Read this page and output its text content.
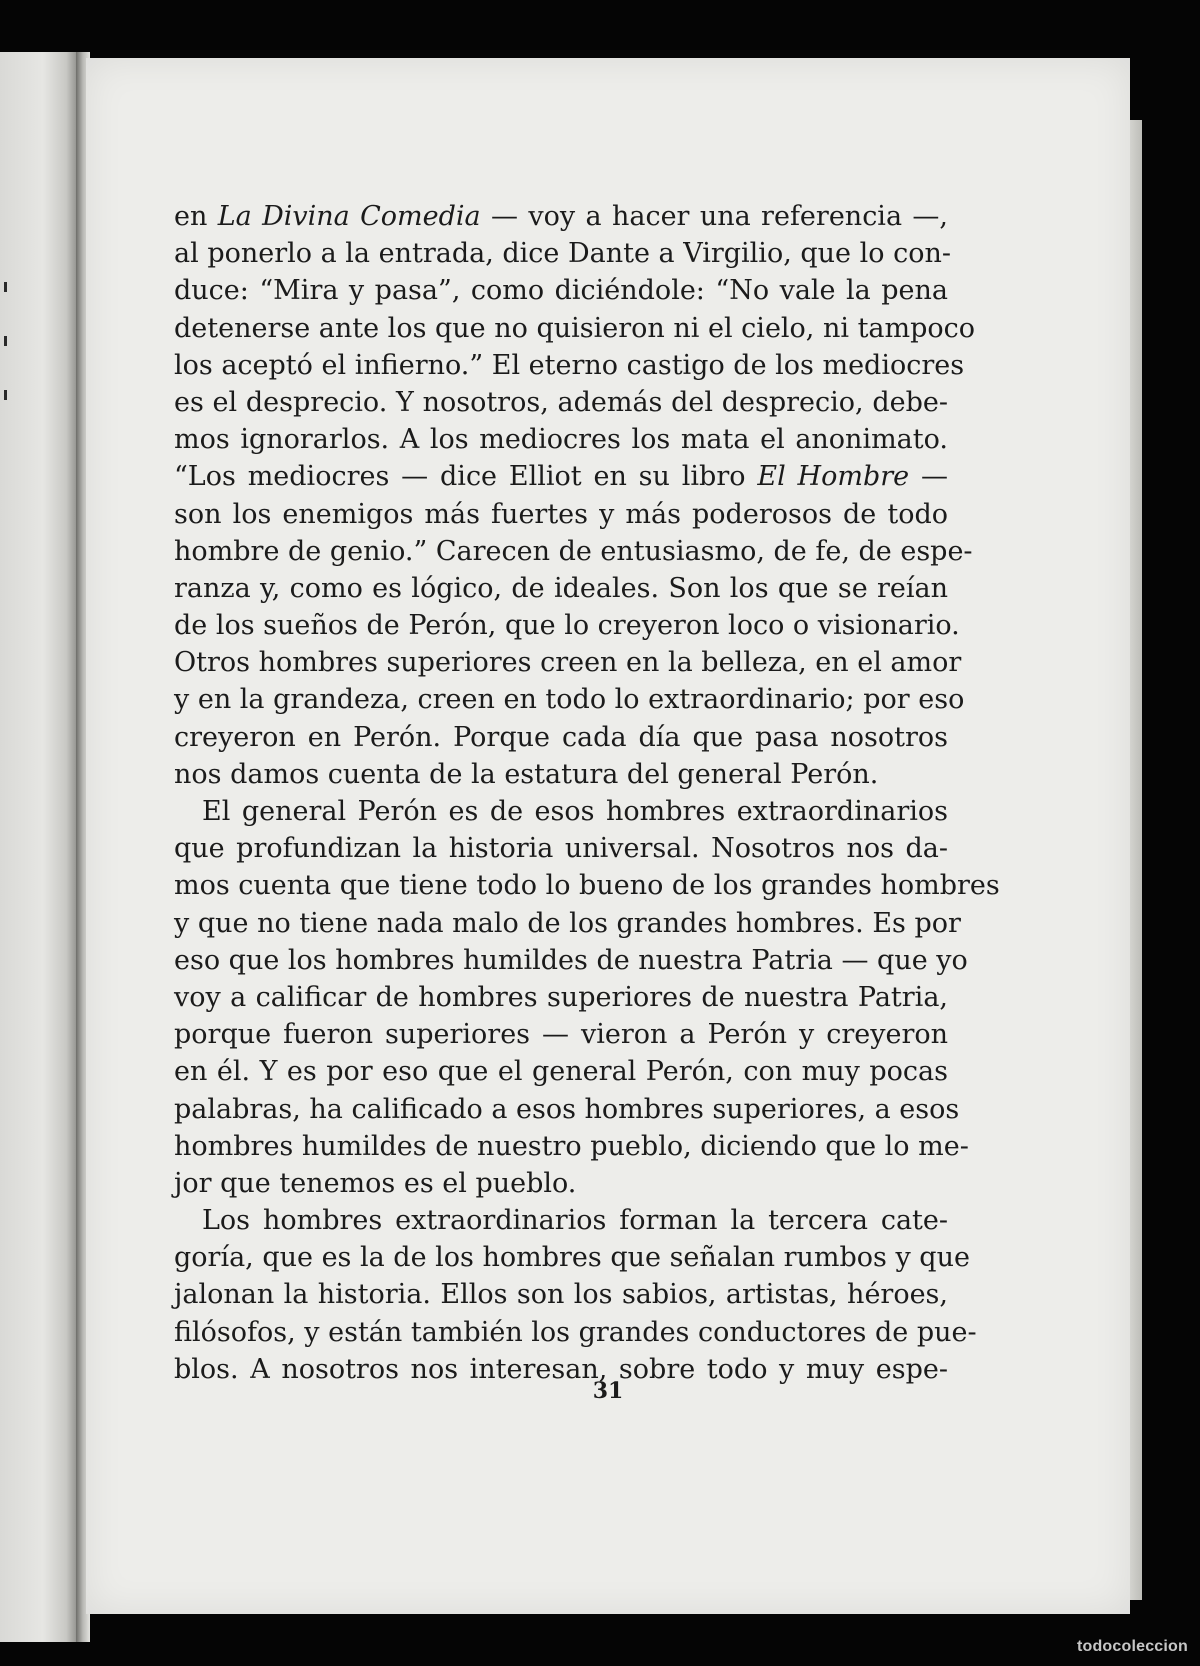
en La Divina Comedia — voy a hacer una referencia —,
al ponerlo a la entrada, dice Dante a Virgilio, que lo con-
duce: “Mira y pasa”, como diciéndole: “No vale la pena
detenerse ante los que no quisieron ni el cielo, ni tampoco
los aceptó el infierno.” El eterno castigo de los mediocres
es el desprecio. Y nosotros, además del desprecio, debe-
mos ignorarlos. A los mediocres los mata el anonimato.
“Los mediocres — dice Elliot en su libro El Hombre —
son los enemigos más fuertes y más poderosos de todo
hombre de genio.” Carecen de entusiasmo, de fe, de espe-
ranza y, como es lógico, de ideales. Son los que se reían
de los sueños de Perón, que lo creyeron loco o visionario.
Otros hombres superiores creen en la belleza, en el amor
y en la grandeza, creen en todo lo extraordinario; por eso
creyeron en Perón. Porque cada día que pasa nosotros
nos damos cuenta de la estatura del general Perón.
El general Perón es de esos hombres extraordinarios
que profundizan la historia universal. Nosotros nos da-
mos cuenta que tiene todo lo bueno de los grandes hombres
y que no tiene nada malo de los grandes hombres. Es por
eso que los hombres humildes de nuestra Patria — que yo
voy a calificar de hombres superiores de nuestra Patria,
porque fueron superiores — vieron a Perón y creyeron
en él. Y es por eso que el general Perón, con muy pocas
palabras, ha calificado a esos hombres superiores, a esos
hombres humildes de nuestro pueblo, diciendo que lo me-
jor que tenemos es el pueblo.
Los hombres extraordinarios forman la tercera cate-
goría, que es la de los hombres que señalan rumbos y que
jalonan la historia. Ellos son los sabios, artistas, héroes,
filósofos, y están también los grandes conductores de pue-
blos. A nosotros nos interesan, sobre todo y muy espe-
31
todocoleccion
